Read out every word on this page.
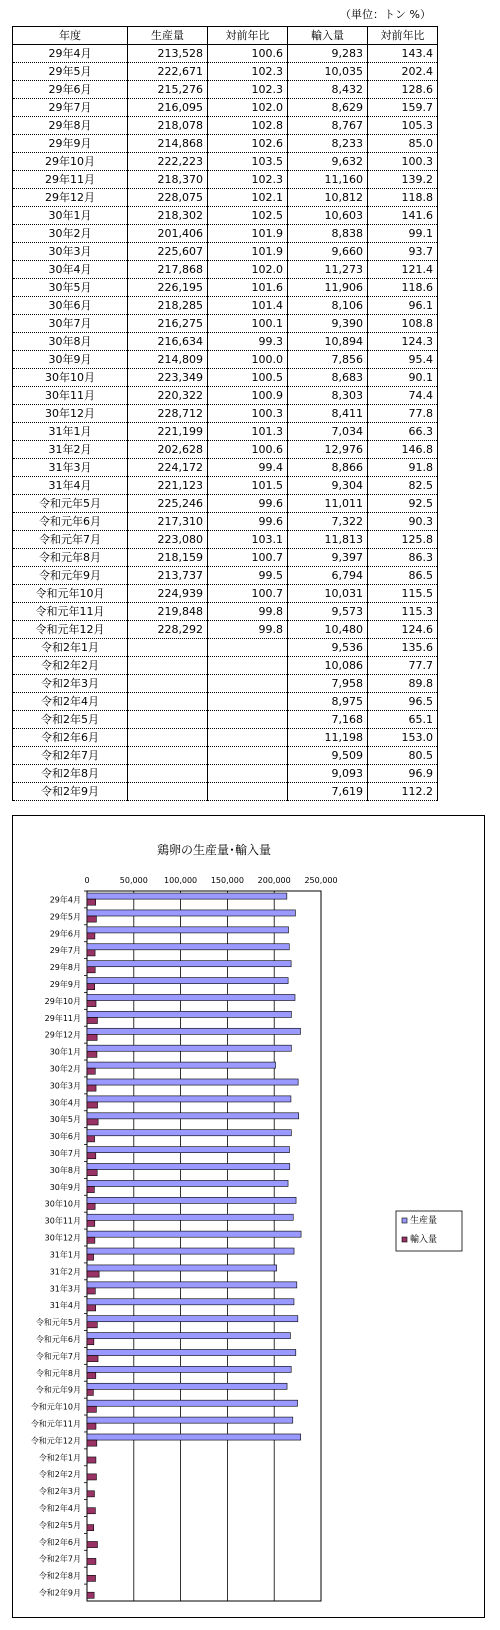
（単位：トン %）
年度	生産量	対前年比	輸入量	対前年比
29年4月	213,528	100.6	9,283	143.4
29年5月	222,671	102.3	10,035	202.4
29年6月	215,276	102.3	8,432	128.6
29年7月	216,095	102.0	8,629	159.7
29年8月	218,078	102.8	8,767	105.3
29年9月	214,868	102.6	8,233	85.0
29年10月	222,223	103.5	9,632	100.3
29年11月	218,370	102.3	11,160	139.2
29年12月	228,075	102.1	10,812	118.8
30年1月	218,302	102.5	10,603	141.6
30年2月	201,406	101.9	8,838	99.1
30年3月	225,607	101.9	9,660	93.7
30年4月	217,868	102.0	11,273	121.4
30年5月	226,195	101.6	11,906	118.6
30年6月	218,285	101.4	8,106	96.1
30年7月	216,275	100.1	9,390	108.8
30年8月	216,634	99.3	10,894	124.3
30年9月	214,809	100.0	7,856	95.4
30年10月	223,349	100.5	8,683	90.1
30年11月	220,322	100.9	8,303	74.4
30年12月	228,712	100.3	8,411	77.8
31年1月	221,199	101.3	7,034	66.3
31年2月	202,628	100.6	12,976	146.8
31年3月	224,172	99.4	8,866	91.8
31年4月	221,123	101.5	9,304	82.5
令和元年5月	225,246	99.6	11,011	92.5
令和元年6月	217,310	99.6	7,322	90.3
令和元年7月	223,080	103.1	11,813	125.8
令和元年8月	218,159	100.7	9,397	86.3
令和元年9月	213,737	99.5	6,794	86.5
令和元年10月	224,939	100.7	10,031	115.5
令和元年11月	219,848	99.8	9,573	115.3
令和元年12月	228,292	99.8	10,480	124.6
令和2年1月			9,536	135.6
令和2年2月			10,086	77.7
令和2年3月			7,958	89.8
令和2年4月			8,975	96.5
令和2年5月			7,168	65.1
令和2年6月			11,198	153.0
令和2年7月			9,509	80.5
令和2年8月			9,093	96.9
令和2年9月			7,619	112.2
鶏卵の生産量･輸入量
0	50,000 100,000 150,000 200,000 250,000
29年4月
29年5月
29年6月
29年7月
29年8月
29年9月
29年10月
29年11月
29年12月
30年1月
30年2月
30年3月
30年4月
30年5月
30年6月
30年7月
30年8月
30年9月
30年10月
30年11月
30年12月
31年1月
31年2月
31年3月
31年4月
令和元年5月
令和元年6月
令和元年7月
令和元年8月
令和元年9月
令和元年10月
令和元年11月
令和元年12月
令和2年1月
令和2年2月
令和2年3月
令和2年4月
令和2年5月
令和2年6月
令和2年7月
令和2年8月
令和2年9月
生産量
輸入量
